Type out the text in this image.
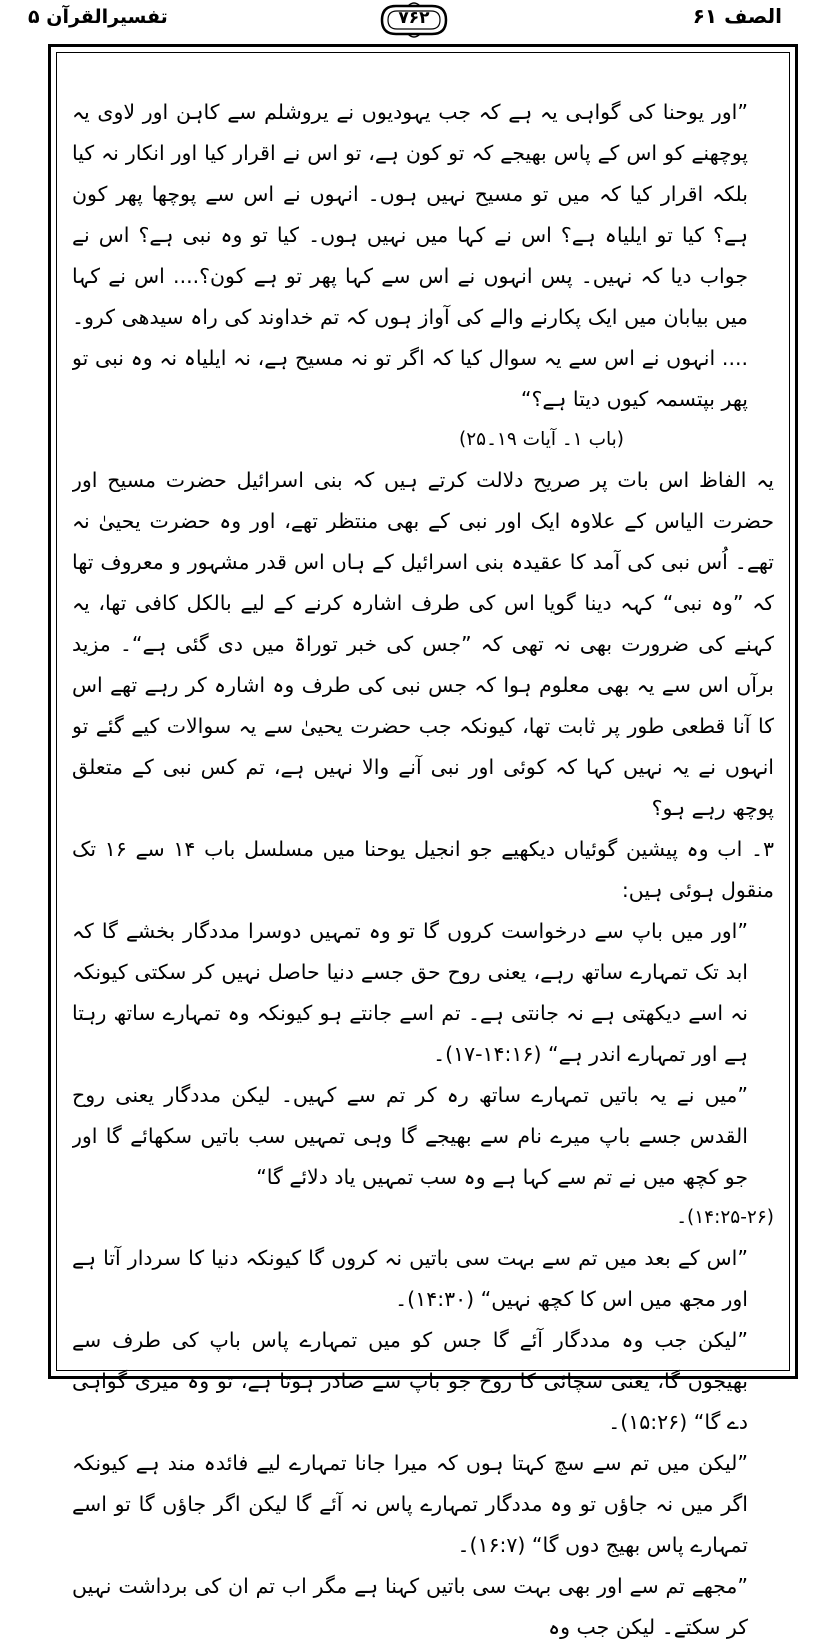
تفسیرالقرآن ۵	۷۶۲	الصف ۶۱

”اور یوحنا کی گواہی یہ ہے کہ جب یہودیوں نے یروشلم سے کاہن اور لاوی یہ پوچھنے کو اس کے پاس بھیجے کہ تو کون ہے، تو اس نے اقرار کیا اور انکار نہ کیا بلکہ اقرار کیا کہ میں تو مسیح نہیں ہوں۔ انہوں نے اس سے پوچھا پھر کون ہے؟ کیا تو ایلیاہ ہے؟ اس نے کہا میں نہیں ہوں۔ کیا تو وہ نبی ہے؟ اس نے جواب دیا کہ نہیں۔ پس انہوں نے اس سے کہا پھر تو ہے کون؟.... اس نے کہا میں بیابان میں ایک پکارنے والے کی آواز ہوں کہ تم خداوند کی راہ سیدھی کرو۔ .... انہوں نے اس سے یہ سوال کیا کہ اگر تو نہ مسیح ہے، نہ ایلیاہ نہ وہ نبی تو پھر بپتسمہ کیوں دیتا ہے؟“

(باب ۱۔ آیات ۱۹۔۲۵)

یہ الفاظ اس بات پر صریح دلالت کرتے ہیں کہ بنی اسرائیل حضرت مسیح اور حضرت الیاس کے علاوہ ایک اور نبی کے بھی منتظر تھے، اور وہ حضرت یحییٰ نہ تھے۔ اُس نبی کی آمد کا عقیدہ بنی اسرائیل کے ہاں اس قدر مشہور و معروف تھا کہ ”وہ نبی“ کہہ دینا گویا اس کی طرف اشارہ کرنے کے لیے بالکل کافی تھا، یہ کہنے کی ضرورت بھی نہ تھی کہ ”جس کی خبر توراۃ میں دی گئی ہے“۔ مزید برآں اس سے یہ بھی معلوم ہوا کہ جس نبی کی طرف وہ اشارہ کر رہے تھے اس کا آنا قطعی طور پر ثابت تھا، کیونکہ جب حضرت یحییٰ سے یہ سوالات کیے گئے تو انہوں نے یہ نہیں کہا کہ کوئی اور نبی آنے والا نہیں ہے، تم کس نبی کے متعلق پوچھ رہے ہو؟

۳۔ اب وہ پیشین گوئیاں دیکھیے جو انجیل یوحنا میں مسلسل باب ۱۴ سے ۱۶ تک منقول ہوئی ہیں:

”اور میں باپ سے درخواست کروں گا تو وہ تمہیں دوسرا مددگار بخشے گا کہ ابد تک تمہارے ساتھ رہے، یعنی روح حق جسے دنیا حاصل نہیں کر سکتی کیونکہ نہ اسے دیکھتی ہے نہ جانتی ہے۔ تم اسے جانتے ہو کیونکہ وہ تمہارے ساتھ رہتا ہے اور تمہارے اندر ہے“ (۱۴:۱۶-۱۷)۔

”میں نے یہ باتیں تمہارے ساتھ رہ کر تم سے کہیں۔ لیکن مددگار یعنی روح القدس جسے باپ میرے نام سے بھیجے گا وہی تمہیں سب باتیں سکھائے گا اور جو کچھ میں نے تم سے کہا ہے وہ سب تمہیں یاد دلائے گا“

(۱۴:۲۵-۲۶)۔

”اس کے بعد میں تم سے بہت سی باتیں نہ کروں گا کیونکہ دنیا کا سردار آتا ہے اور مجھ میں اس کا کچھ نہیں“ (۱۴:۳۰)۔

”لیکن جب وہ مددگار آئے گا جس کو میں تمہارے پاس باپ کی طرف سے بھیجوں گا، یعنی سچائی کا روح جو باپ سے صادر ہوتا ہے، تو وہ میری گواہی دے گا“ (۱۵:۲۶)۔

”لیکن میں تم سے سچ کہتا ہوں کہ میرا جانا تمہارے لیے فائدہ مند ہے کیونکہ اگر میں نہ جاؤں تو وہ مددگار تمہارے پاس نہ آئے گا لیکن اگر جاؤں گا تو اسے تمہارے پاس بھیج دوں گا“ (۱۶:۷)۔

”مجھے تم سے اور بھی بہت سی باتیں کہنا ہے مگر اب تم ان کی برداشت نہیں کر سکتے۔ لیکن جب وہ
